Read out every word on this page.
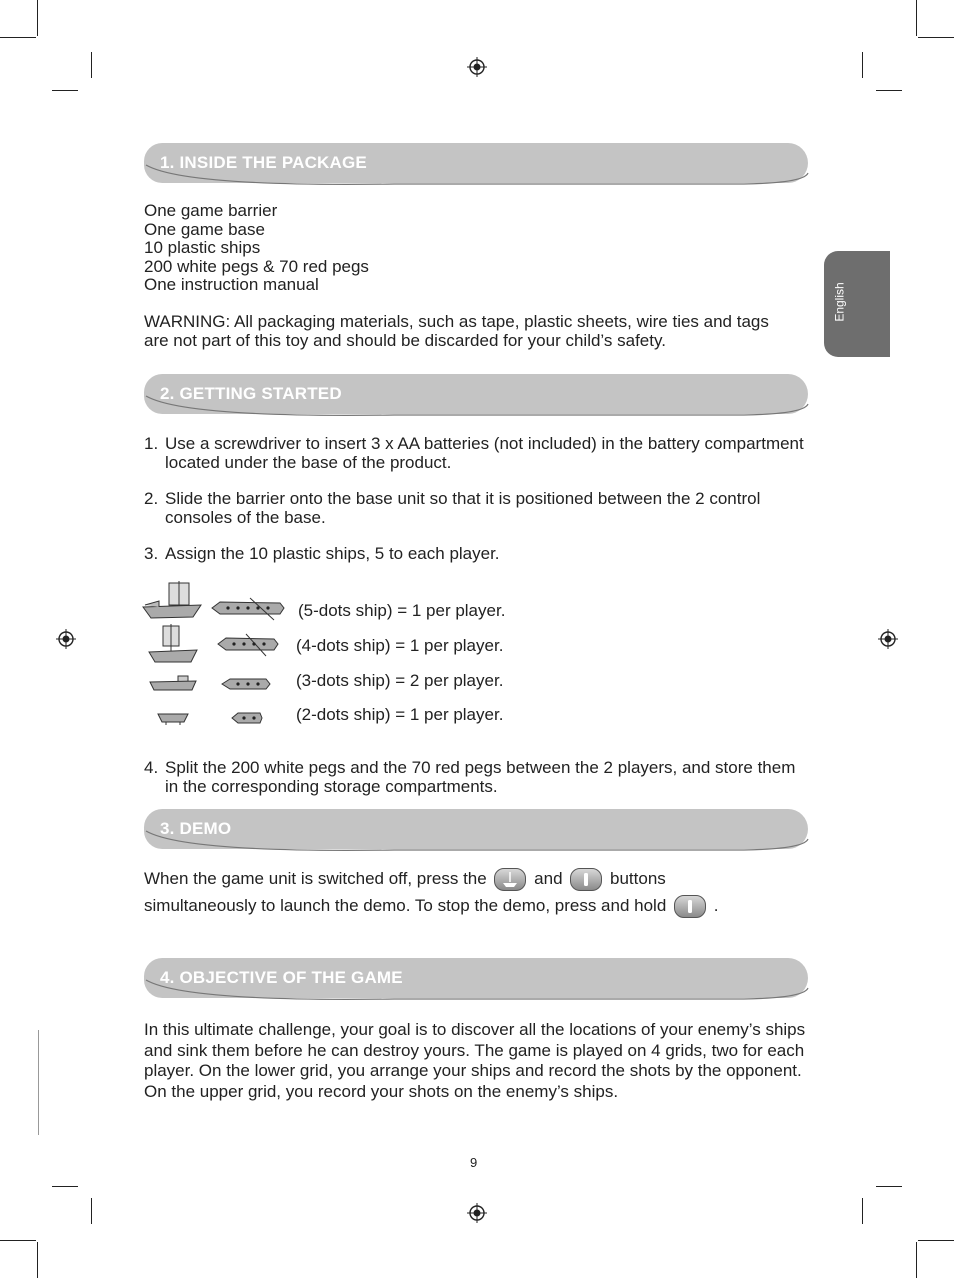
English
1. INSIDE THE PACKAGE
One game barrier
One game base
10 plastic ships
200 white pegs & 70 red pegs
One instruction manual
WARNING: All packaging materials, such as tape, plastic sheets, wire ties and tags are not part of this toy and should be discarded for your child’s safety.
2. GETTING STARTED
1. Use a screwdriver to insert 3 x AA batteries (not included) in the battery compartment located under the base of the product.
2. Slide the barrier onto the base unit so that it is positioned between the 2 control consoles of the base.
3. Assign the 10 plastic ships, 5 to each player.
(5-dots ship) = 1 per player.
(4-dots ship) = 1 per player.
(3-dots ship) = 2 per player.
(2-dots ship) = 1 per player.
4. Split the 200 white pegs and the 70 red pegs between the 2 players, and store them in the corresponding storage compartments.
3. DEMO
When the game unit is switched off, press the	and	buttons
simultaneously to launch the demo. To stop the demo, press and hold	.
4. OBJECTIVE OF THE GAME
In this ultimate challenge, your goal is to discover all the locations of your enemy’s ships and sink them before he can destroy yours. The game is played on 4 grids, two for each player. On the lower grid, you arrange your ships and record the shots by the opponent. On the upper grid, you record your shots on the enemy’s ships.
9
